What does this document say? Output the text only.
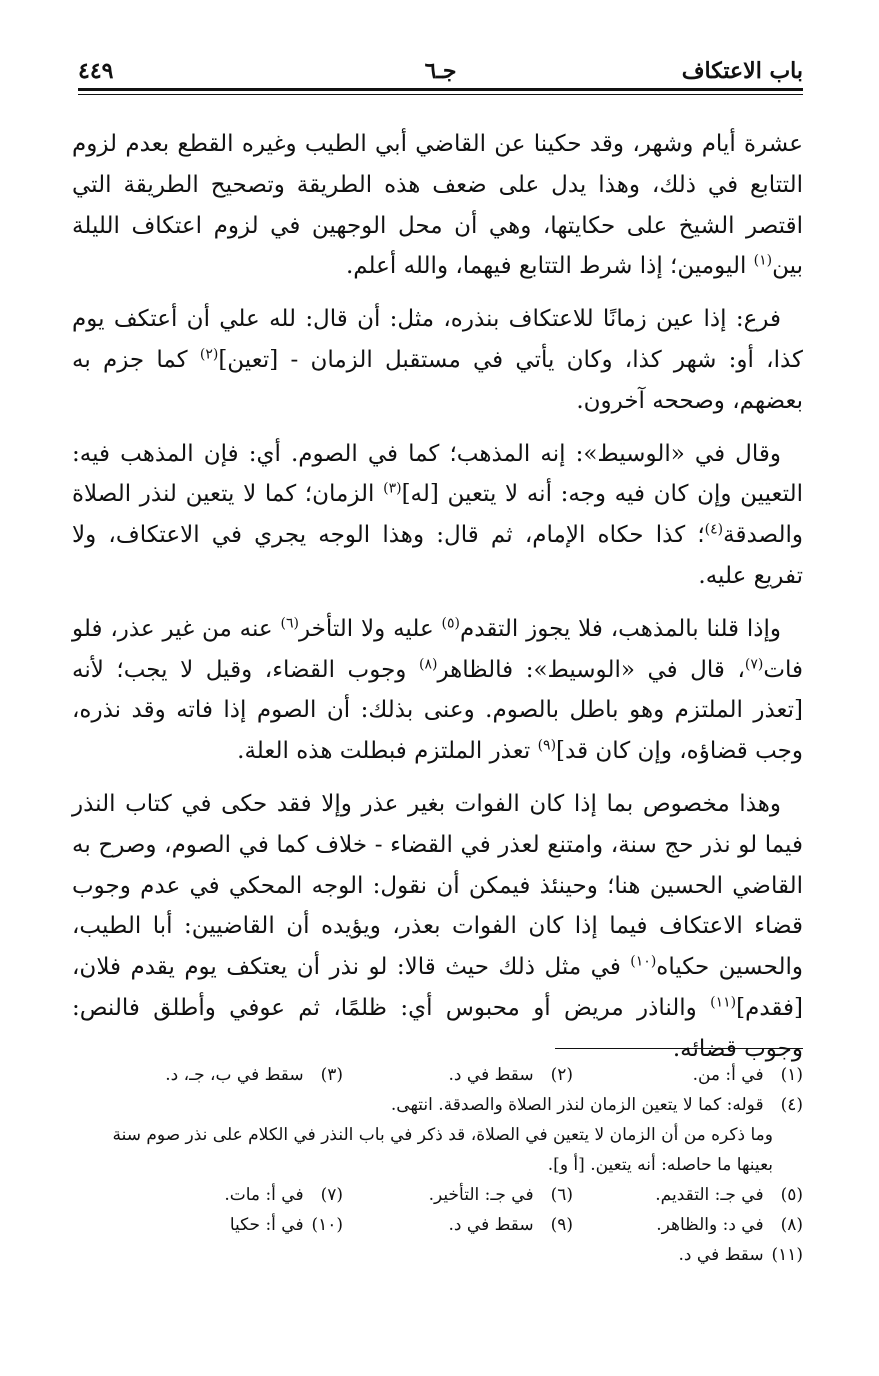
باب الاعتكاف
جـ٦
٤٤٩

عشرة أيام وشهر، وقد حكينا عن القاضي أبي الطيب وغيره القطع بعدم لزوم التتابع في ذلك، وهذا يدل على ضعف هذه الطريقة وتصحيح الطريقة التي اقتصر الشيخ على حكايتها، وهي أن محل الوجهين في لزوم اعتكاف الليلة بين$^{(١)}$ اليومين؛ إذا شرط التتابع فيهما، والله أعلم.

فرع: إذا عين زمانًا للاعتكاف بنذره، مثل: أن قال: لله علي أن أعتكف يوم كذا، أو: شهر كذا، وكان يأتي في مستقبل الزمان - [تعين]$^{(٢)}$ كما جزم به بعضهم، وصححه آخرون.

وقال في «الوسيط»: إنه المذهب؛ كما في الصوم. أي: فإن المذهب فيه: التعيين وإن كان فيه وجه: أنه لا يتعين [له]$^{(٣)}$ الزمان؛ كما لا يتعين لنذر الصلاة والصدقة$^{(٤)}$؛ كذا حكاه الإمام، ثم قال: وهذا الوجه يجري في الاعتكاف، ولا تفريع عليه.

وإذا قلنا بالمذهب، فلا يجوز التقدم$^{(٥)}$ عليه ولا التأخر$^{(٦)}$ عنه من غير عذر، فلو فات$^{(٧)}$، قال في «الوسيط»: فالظاهر$^{(٨)}$ وجوب القضاء، وقيل لا يجب؛ لأنه [تعذر الملتزم وهو باطل بالصوم. وعنى بذلك: أن الصوم إذا فاته وقد نذره، وجب قضاؤه، وإن كان قد]$^{(٩)}$ تعذر الملتزم فبطلت هذه العلة.

وهذا مخصوص بما إذا كان الفوات بغير عذر وإلا فقد حكى في كتاب النذر فيما لو نذر حج سنة، وامتنع لعذر في القضاء - خلاف كما في الصوم، وصرح به القاضي الحسين هنا؛ وحينئذ فيمكن أن نقول: الوجه المحكي في عدم وجوب قضاء الاعتكاف فيما إذا كان الفوات بعذر، ويؤيده أن القاضيين: أبا الطيب، والحسين حكياه$^{(١٠)}$ في مثل ذلك حيث قالا: لو نذر أن يعتكف يوم يقدم فلان، [فقدم]$^{(١١)}$ والناذر مريض أو محبوس أي: ظلمًا، ثم عوفي وأطلق فالنص: وجوب قضائه.

(١) في أ: من.
(٢) سقط في د.
(٣) سقط في ب، جـ، د.
(٤) قوله: كما لا يتعين الزمان لنذر الصلاة والصدقة. انتهى.
وما ذكره من أن الزمان لا يتعين في الصلاة، قد ذكر في باب النذر في الكلام على نذر صوم سنة بعينها ما حاصله: أنه يتعين. [أ و].
(٥) في جـ: التقديم.
(٦) في جـ: التأخير.
(٧) في أ: مات.
(٨) في د: والظاهر.
(٩) سقط في د.
(١٠) في أ: حكيا
(١١) سقط في د.
